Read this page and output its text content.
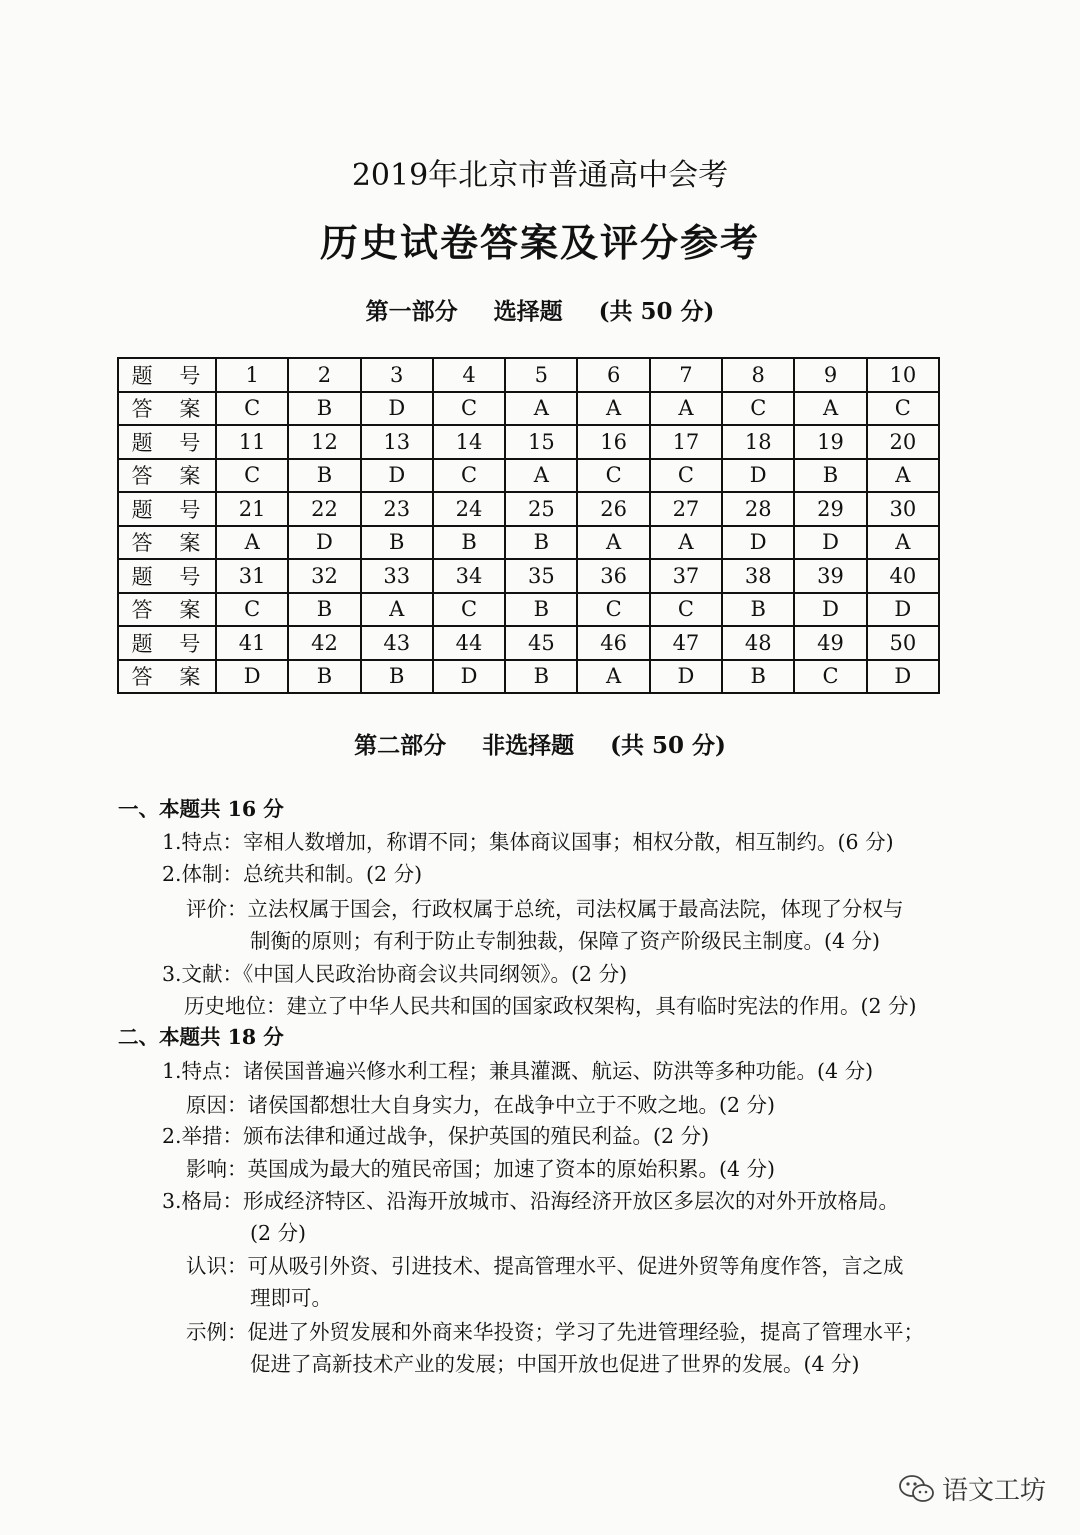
2019年北京市普通高中会考
历史试卷答案及评分参考
第一部分 选择题 (共 50 分)
题 号	1	2	3	4	5	6	7	8	9	10
答 案	C	B	D	C	A	A	A	C	A	C
题 号	11	12	13	14	15	16	17	18	19	20
答 案	C	B	D	C	A	C	C	D	B	A
题 号	21	22	23	24	25	26	27	28	29	30
答 案	A	D	B	B	B	A	A	D	D	A
题 号	31	32	33	34	35	36	37	38	39	40
答 案	C	B	A	C	B	C	C	B	D	D
题 号	41	42	43	44	45	46	47	48	49	50
答 案	D	B	B	D	B	A	D	B	C	D
第二部分 非选择题 (共 50 分)
一、本题共 16 分
1.特点：宰相人数增加，称谓不同；集体商议国事；相权分散，相互制约。(6 分)
2.体制：总统共和制。(2 分)
评价：立法权属于国会，行政权属于总统，司法权属于最高法院，体现了分权与
制衡的原则；有利于防止专制独裁，保障了资产阶级民主制度。(4 分)
3.文献：《中国人民政治协商会议共同纲领》。(2 分)
历史地位：建立了中华人民共和国的国家政权架构，具有临时宪法的作用。(2 分)
二、本题共 18 分
1.特点：诸侯国普遍兴修水利工程；兼具灌溉、航运、防洪等多种功能。(4 分)
原因：诸侯国都想壮大自身实力，在战争中立于不败之地。(2 分)
2.举措：颁布法律和通过战争，保护英国的殖民利益。(2 分)
影响：英国成为最大的殖民帝国；加速了资本的原始积累。(4 分)
3.格局：形成经济特区、沿海开放城市、沿海经济开放区多层次的对外开放格局。
(2 分)
认识：可从吸引外资、引进技术、提高管理水平、促进外贸等角度作答，言之成
理即可。
示例：促进了外贸发展和外商来华投资；学习了先进管理经验，提高了管理水平；
促进了高新技术产业的发展；中国开放也促进了世界的发展。(4 分)
语文工坊
